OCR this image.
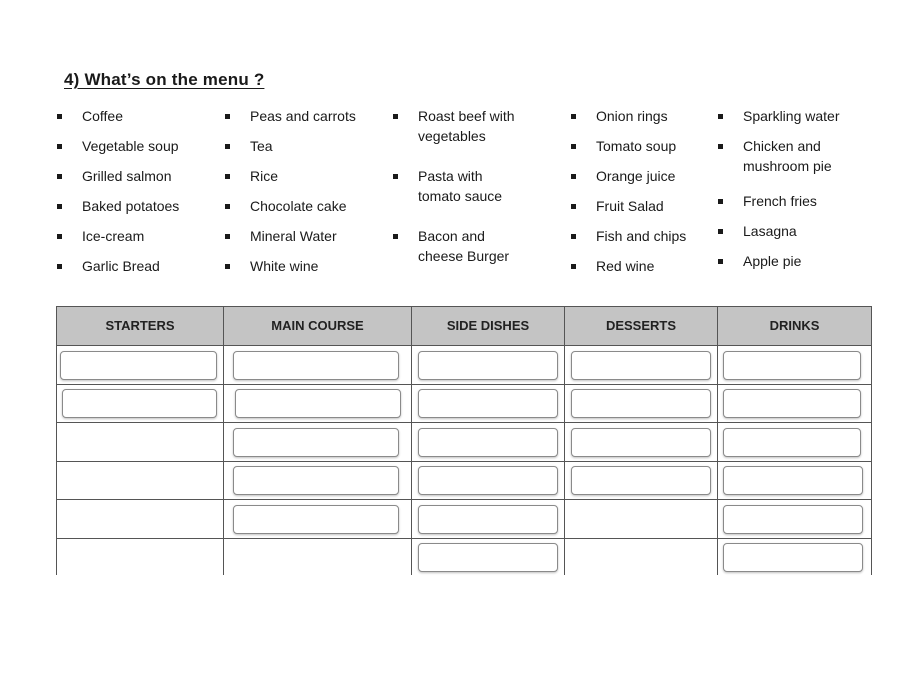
4) What’s on the menu ?
Coffee
Vegetable soup
Grilled salmon
Baked potatoes
Ice-cream
Garlic Bread
Peas and carrots
Tea
Rice
Chocolate cake
Mineral Water
White wine
Roast beef with
vegetables
Pasta with
tomato sauce
Bacon and
cheese Burger
Onion rings
Tomato soup
Orange juice
Fruit Salad
Fish and chips
Red wine
Sparkling water
Chicken and
mushroom pie
French fries
Lasagna
Apple pie
STARTERS	MAIN COURSE	SIDE DISHES	DESSERTS	DRINKS
